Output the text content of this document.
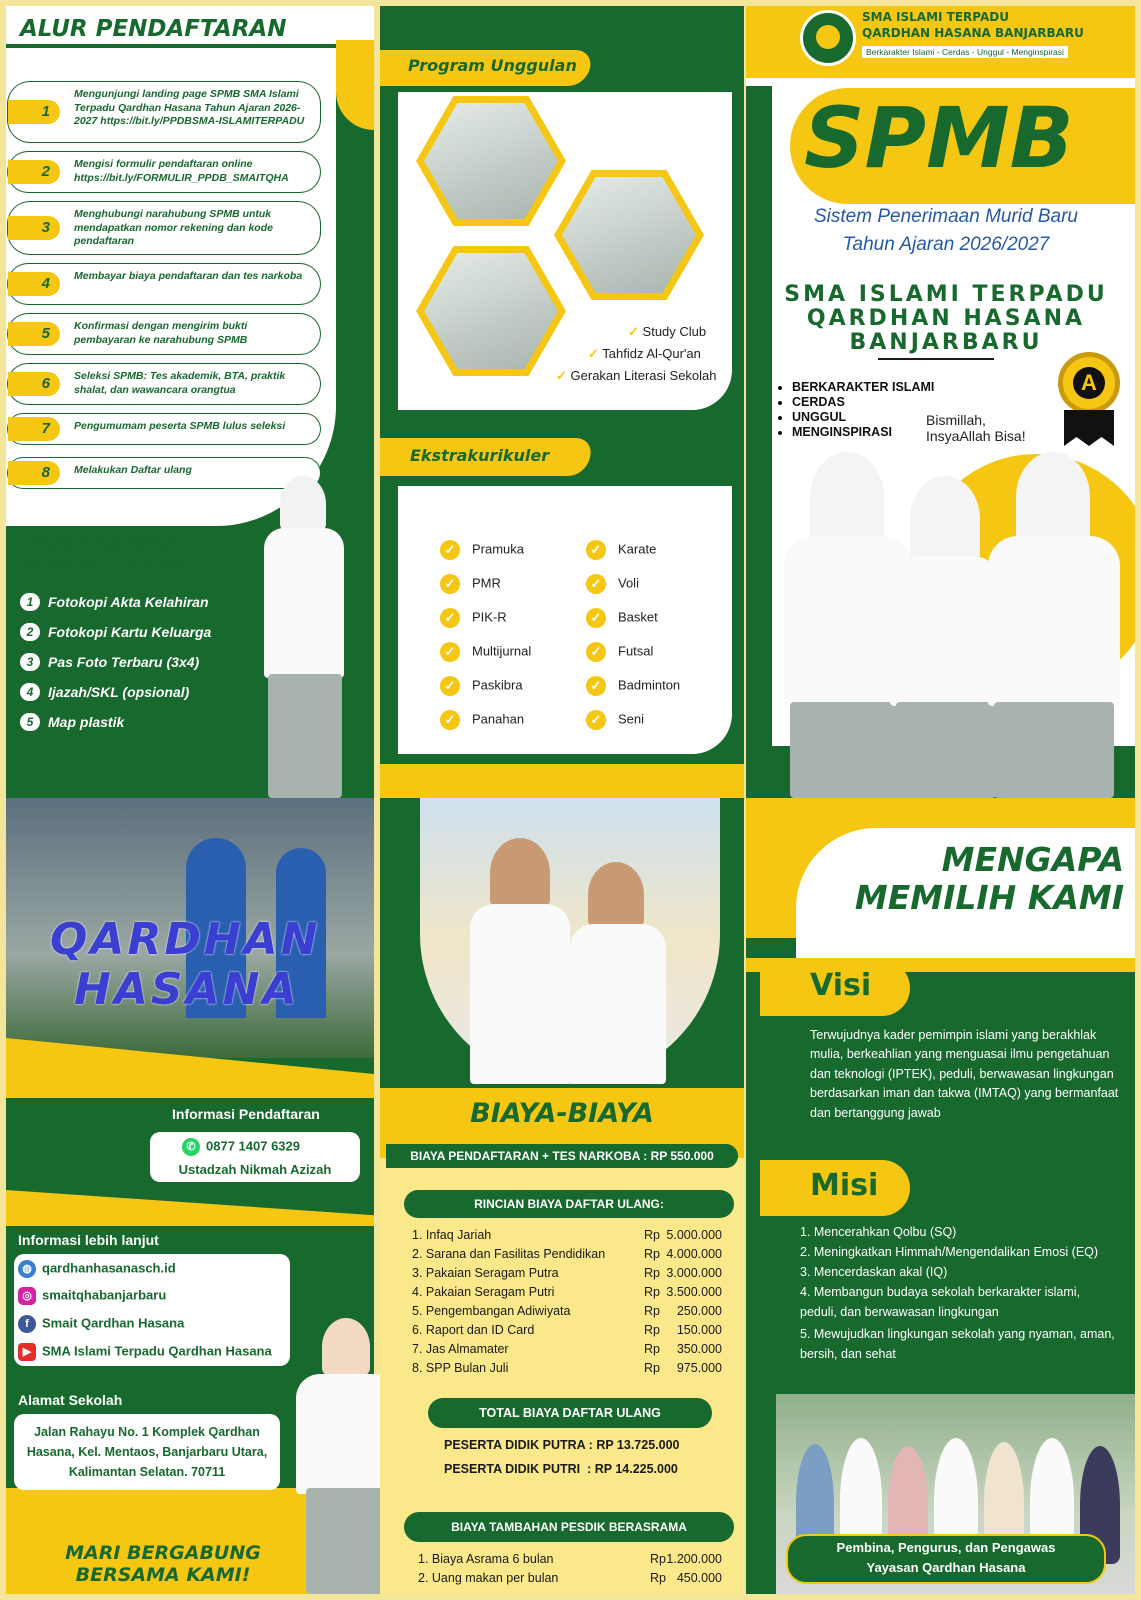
ALUR PENDAFTARAN
1
Mengunjungi landing page SPMB SMA Islami Terpadu Qardhan Hasana Tahun Ajaran 2026-2027 https://bit.ly/PPDBSMA-ISLAMITERPADU
2	Mengisi formulir pendaftaran online https://bit.ly/FORMULIR_PPDB_SMAITQHA
3
Menghubungi narahubung SPMB untuk mendapatkan nomor rekening dan kode pendaftaran
4	Membayar biaya pendaftaran dan tes narkoba
5	Konfirmasi dengan mengirim bukti pembayaran ke narahubung SPMB
6	Seleksi SPMB: Tes akademik, BTA, praktik shalat, dan wawancara orangtua
7	Pengumumam peserta SPMB lulus seleksi
8	Melakukan Daftar ulang
PERSYARATAN
PENDAFTARAN
1	Fotokopi Akta Kelahiran
2	Fotokopi Kartu Keluarga
3	Pas Foto Terbaru (3x4)
4	Ijazah/SKL (opsional)
5	Map plastik
Program Unggulan
✓ Study Club
✓ Tahfidz Al-Qur'an
✓ Gerakan Literasi Sekolah
Ekstrakurikuler
✓ Pramuka
✓ PMR
✓ PIK-R
✓ Multijurnal
✓ Paskibra
✓ Panahan
✓ Karate
✓ Voli
✓ Basket
✓ Futsal
✓ Badminton
✓ Seni
SMA ISLAMI TERPADU
QARDHAN HASANA BANJARBARU
Berkarakter Islami - Cerdas - Unggul - Menginspirasi
SPMB
Sistem Penerimaan Murid Baru
Tahun Ajaran 2026/2027
SMA ISLAMI TERPADU
QARDHAN HASANA
BANJARBARU
• BERKARAKTER ISLAMI
• CERDAS
• UNGGUL
• MENGINSPIRASI
Bismillah,
InsyaAllah Bisa!
A
QARDHAN
HASANA
Informasi Pendaftaran
✆ 0877 1407 6329
Ustadzah Nikmah Azizah
Informasi lebih lanjut
◍ qardhanhasanasch.id
◎ smaitqhabanjarbaru
f Smait Qardhan Hasana
▶ SMA Islami Terpadu Qardhan Hasana
Alamat Sekolah
Jalan Rahayu No. 1 Komplek Qardhan Hasana, Kel. Mentaos, Banjarbaru Utara, Kalimantan Selatan. 70711
MARI BERGABUNG
BERSAMA KAMI!
BIAYA-BIAYA
BIAYA PENDAFTARAN + TES NARKOBA : RP 550.000
RINCIAN BIAYA DAFTAR ULANG:
1. Infaq Jariah	Rp 5.000.000
2. Sarana dan Fasilitas Pendidikan	Rp 4.000.000
3. Pakaian Seragam Putra	Rp 3.000.000
4. Pakaian Seragam Putri	Rp 3.500.000
5. Pengembangan Adiwiyata	Rp 250.000
6. Raport dan ID Card	Rp 150.000
7. Jas Almamater	Rp 350.000
8. SPP Bulan Juli	Rp 975.000
TOTAL BIAYA DAFTAR ULANG
PESERTA DIDIK PUTRA : RP 13.725.000
PESERTA DIDIK PUTRI  : RP 14.225.000
BIAYA TAMBAHAN PESDIK BERASRAMA
1. Biaya Asrama 6 bulan	Rp 1.200.000
2. Uang makan per bulan	Rp 450.000
MENGAPA
MEMILIH KAMI
Visi
Terwujudnya kader pemimpin islami yang berakhlak mulia, berkeahlian yang menguasai ilmu pengetahuan dan teknologi (IPTEK), peduli, berwawasan lingkungan berdasarkan iman dan takwa (IMTAQ) yang bermanfaat dan bertanggung jawab
Misi
1. Mencerahkan Qolbu (SQ)
2. Meningkatkan Himmah/Mengendalikan Emosi (EQ)
3. Mencerdaskan akal (IQ)
4. Membangun budaya sekolah berkarakter islami, peduli, dan berwawasan lingkungan
5. Mewujudkan lingkungan sekolah yang nyaman, aman, bersih, dan sehat
Pembina, Pengurus, dan Pengawas
Yayasan Qardhan Hasana
